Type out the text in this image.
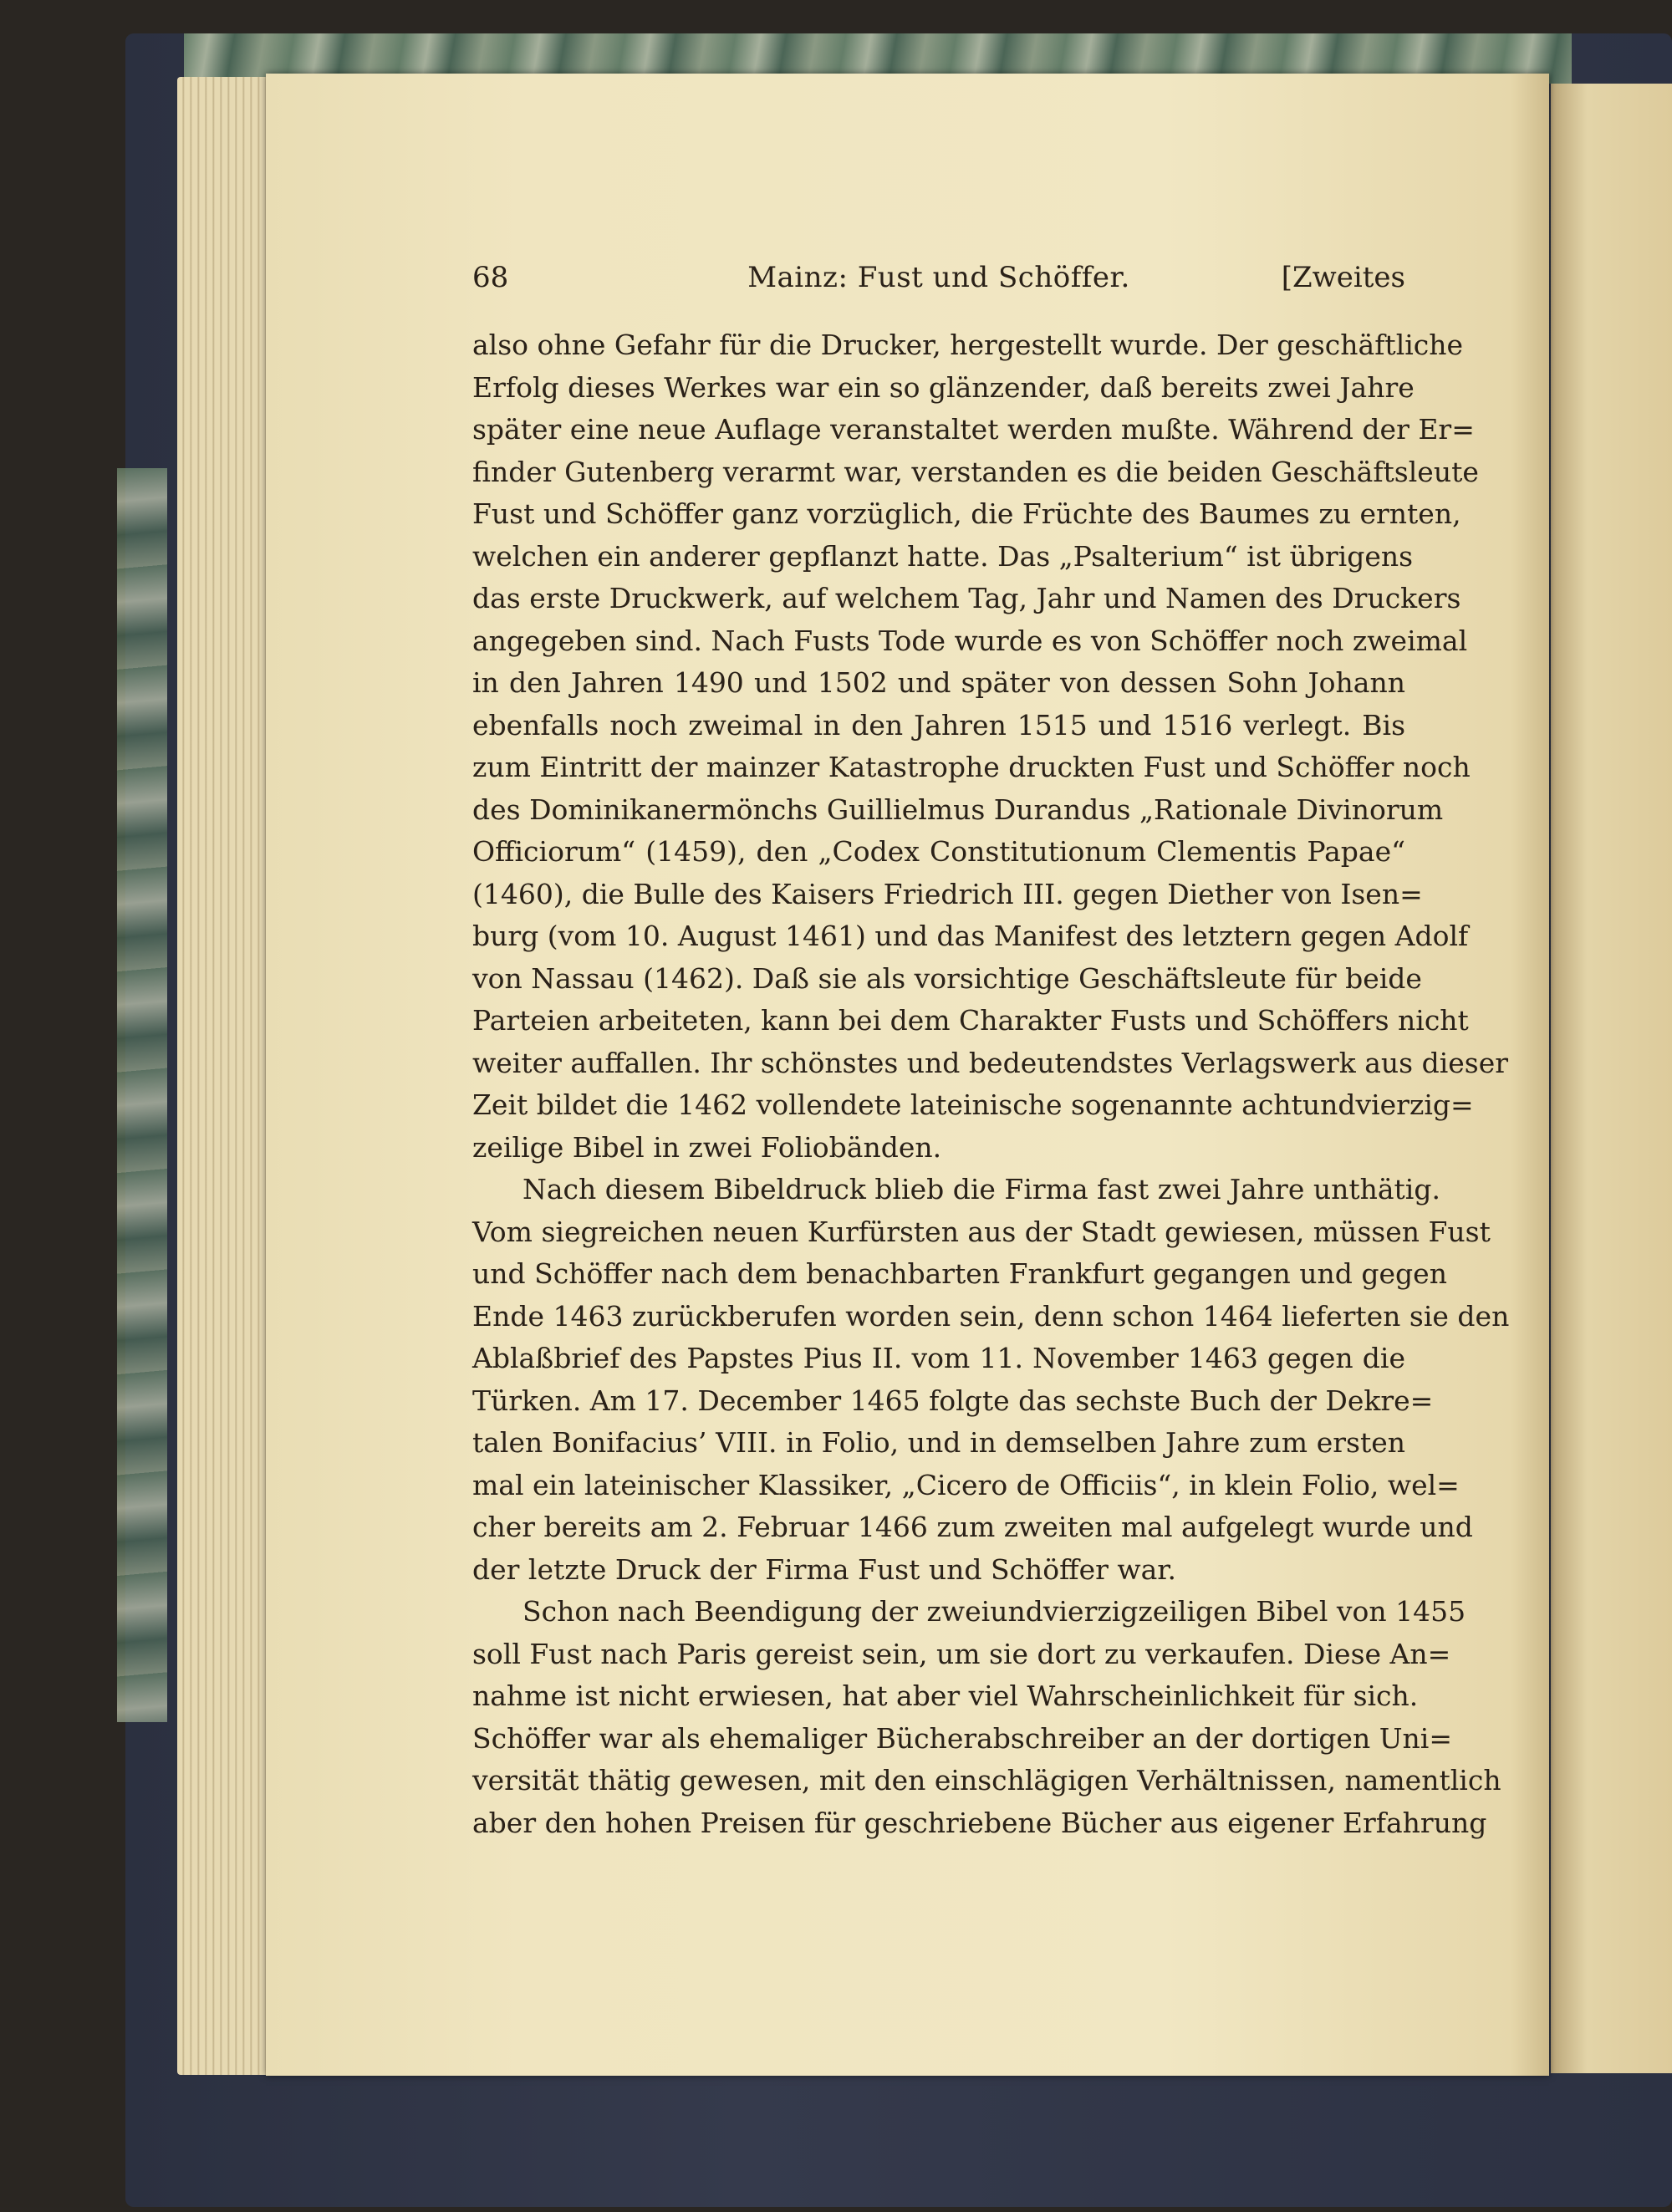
68	Mainz: Fust und Schöffer.	[Zweites
also ohne Gefahr für die Drucker, hergestellt wurde. Der geschäftliche
Erfolg dieses Werkes war ein so glänzender, daß bereits zwei Jahre
später eine neue Auflage veranstaltet werden mußte. Während der Er=
finder Gutenberg verarmt war, verstanden es die beiden Geschäftsleute
Fust und Schöffer ganz vorzüglich, die Früchte des Baumes zu ernten,
welchen ein anderer gepflanzt hatte. Das „Psalterium“ ist übrigens
das erste Druckwerk, auf welchem Tag, Jahr und Namen des Druckers
angegeben sind. Nach Fusts Tode wurde es von Schöffer noch zweimal
in den Jahren 1490 und 1502 und später von dessen Sohn Johann
ebenfalls noch zweimal in den Jahren 1515 und 1516 verlegt. Bis
zum Eintritt der mainzer Katastrophe druckten Fust und Schöffer noch
des Dominikanermönchs Guillielmus Durandus „Rationale Divinorum
Officiorum“ (1459), den „Codex Constitutionum Clementis Papae“
(1460), die Bulle des Kaisers Friedrich III. gegen Diether von Isen=
burg (vom 10. August 1461) und das Manifest des letztern gegen Adolf
von Nassau (1462). Daß sie als vorsichtige Geschäftsleute für beide
Parteien arbeiteten, kann bei dem Charakter Fusts und Schöffers nicht
weiter auffallen. Ihr schönstes und bedeutendstes Verlagswerk aus dieser
Zeit bildet die 1462 vollendete lateinische sogenannte achtundvierzig=
zeilige Bibel in zwei Foliobänden.
Nach diesem Bibeldruck blieb die Firma fast zwei Jahre unthätig.
Vom siegreichen neuen Kurfürsten aus der Stadt gewiesen, müssen Fust
und Schöffer nach dem benachbarten Frankfurt gegangen und gegen
Ende 1463 zurückberufen worden sein, denn schon 1464 lieferten sie den
Ablaßbrief des Papstes Pius II. vom 11. November 1463 gegen die
Türken. Am 17. December 1465 folgte das sechste Buch der Dekre=
talen Bonifacius’ VIII. in Folio, und in demselben Jahre zum ersten
mal ein lateinischer Klassiker, „Cicero de Officiis“, in klein Folio, wel=
cher bereits am 2. Februar 1466 zum zweiten mal aufgelegt wurde und
der letzte Druck der Firma Fust und Schöffer war.
Schon nach Beendigung der zweiundvierzigzeiligen Bibel von 1455
soll Fust nach Paris gereist sein, um sie dort zu verkaufen. Diese An=
nahme ist nicht erwiesen, hat aber viel Wahrscheinlichkeit für sich.
Schöffer war als ehemaliger Bücherabschreiber an der dortigen Uni=
versität thätig gewesen, mit den einschlägigen Verhältnissen, namentlich
aber den hohen Preisen für geschriebene Bücher aus eigener Erfahrung
